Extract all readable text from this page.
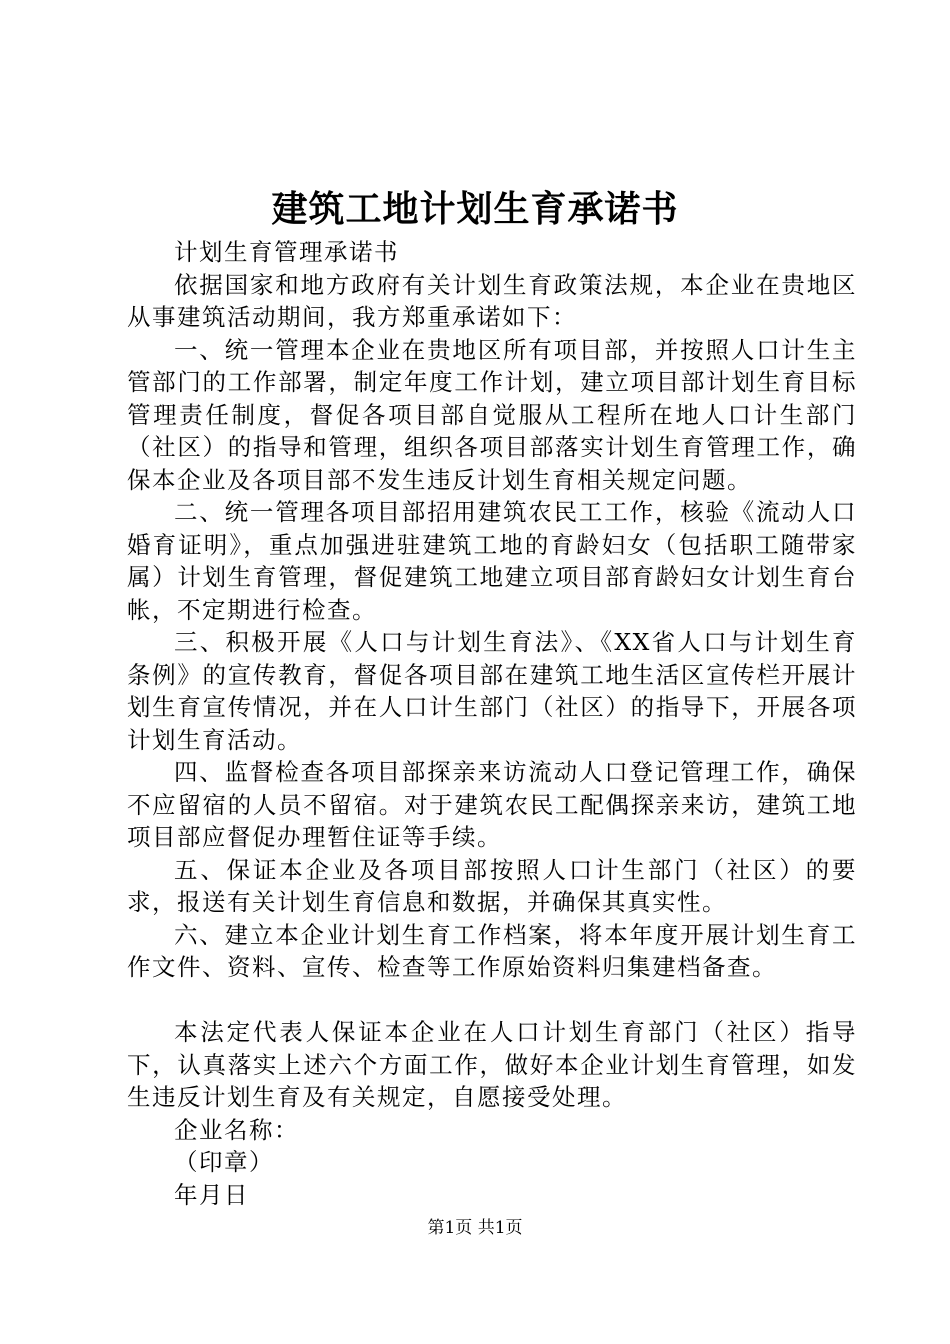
建筑工地计划生育承诺书

计划生育管理承诺书

依据国家和地方政府有关计划生育政策法规，本企业在贵地区从事建筑活动期间，我方郑重承诺如下：

一、统一管理本企业在贵地区所有项目部，并按照人口计生主管部门的工作部署，制定年度工作计划，建立项目部计划生育目标管理责任制度，督促各项目部自觉服从工程所在地人口计生部门（社区）的指导和管理，组织各项目部落实计划生育管理工作，确保本企业及各项目部不发生违反计划生育相关规定问题。

二、统一管理各项目部招用建筑农民工工作，核验《流动人口婚育证明》，重点加强进驻建筑工地的育龄妇女（包括职工随带家属）计划生育管理，督促建筑工地建立项目部育龄妇女计划生育台帐，不定期进行检查。

三、积极开展《人口与计划生育法》、《XX省人口与计划生育条例》的宣传教育，督促各项目部在建筑工地生活区宣传栏开展计划生育宣传情况，并在人口计生部门（社区）的指导下，开展各项计划生育活动。

四、监督检查各项目部探亲来访流动人口登记管理工作，确保不应留宿的人员不留宿。对于建筑农民工配偶探亲来访，建筑工地项目部应督促办理暂住证等手续。

五、保证本企业及各项目部按照人口计生部门（社区）的要求，报送有关计划生育信息和数据，并确保其真实性。

六、建立本企业计划生育工作档案，将本年度开展计划生育工作文件、资料、宣传、检查等工作原始资料归集建档备查。

本法定代表人保证本企业在人口计划生育部门（社区）指导下，认真落实上述六个方面工作，做好本企业计划生育管理，如发生违反计划生育及有关规定，自愿接受处理。

企业名称：

（印章）

年月日

第1页 共1页
